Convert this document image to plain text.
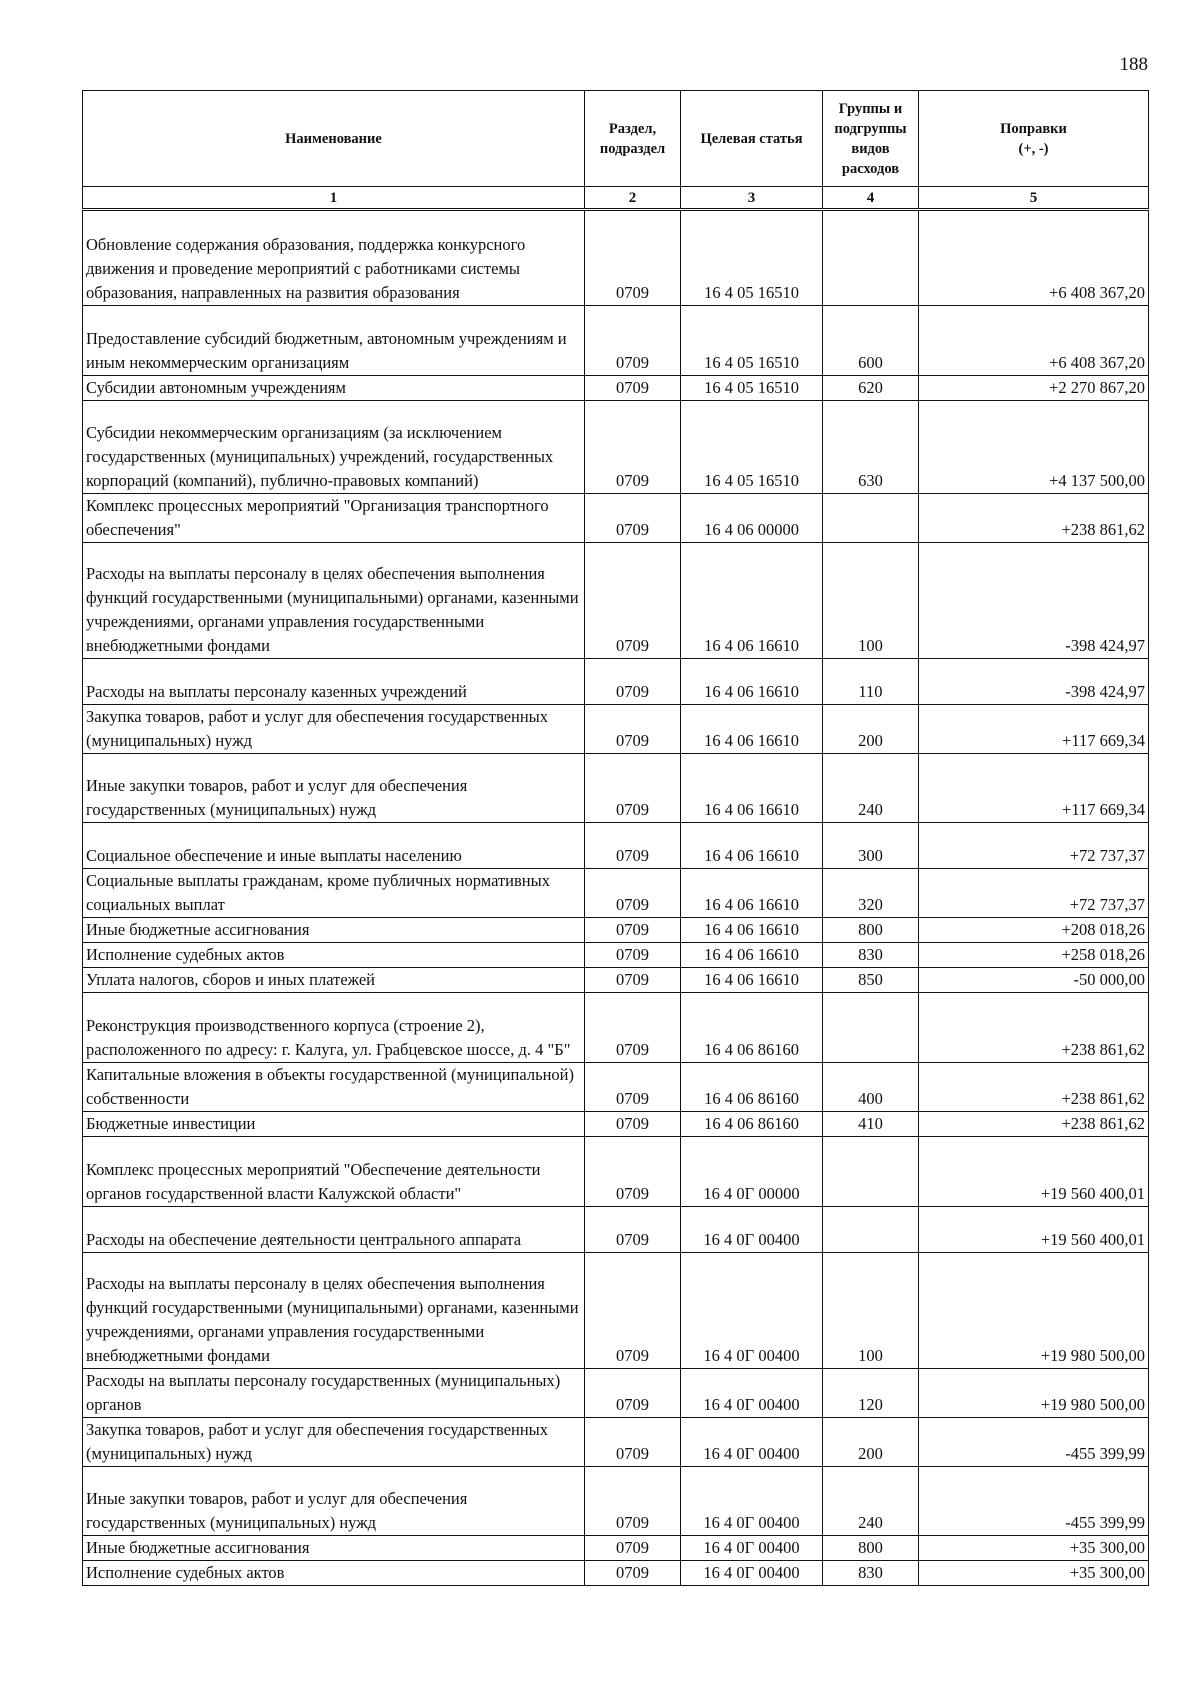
188
Наименование	Раздел, подраздел	Целевая статья	Группы и подгруппы видов расходов	Поправки
(+, -)

1	2	3	4	5
Обновление содержания образования, поддержка конкурсного движения и проведение мероприятий с работниками системы образования, направленных на развития образования	0709	16 4 05 16510		+6 408 367,20
Предоставление субсидий бюджетным, автономным учреждениям и иным некоммерческим организациям	0709	16 4 05 16510	600	+6 408 367,20
Субсидии автономным учреждениям	0709	16 4 05 16510	620	+2 270 867,20
Субсидии некоммерческим организациям (за исключением государственных (муниципальных) учреждений, государственных корпораций (компаний), публично-правовых компаний)	0709	16 4 05 16510	630	+4 137 500,00
Комплекс процессных мероприятий "Организация транспортного обеспечения"	0709	16 4 06 00000		+238 861,62
Расходы на выплаты персоналу в целях обеспечения выполнения функций государственными (муниципальными) органами, казенными учреждениями, органами управления государственными внебюджетными фондами	0709	16 4 06 16610	100	-398 424,97
Расходы на выплаты персоналу казенных учреждений	0709	16 4 06 16610	110	-398 424,97
Закупка товаров, работ и услуг для обеспечения государственных (муниципальных) нужд	0709	16 4 06 16610	200	+117 669,34
Иные закупки товаров, работ и услуг для обеспечения государственных (муниципальных) нужд	0709	16 4 06 16610	240	+117 669,34
Социальное обеспечение и иные выплаты населению	0709	16 4 06 16610	300	+72 737,37
Социальные выплаты гражданам, кроме публичных нормативных социальных выплат	0709	16 4 06 16610	320	+72 737,37
Иные бюджетные ассигнования	0709	16 4 06 16610	800	+208 018,26
Исполнение судебных актов	0709	16 4 06 16610	830	+258 018,26
Уплата налогов, сборов и иных платежей	0709	16 4 06 16610	850	-50 000,00
Реконструкция производственного корпуса (строение 2), расположенного по адресу: г. Калуга, ул. Грабцевское шоссе, д. 4 "Б"	0709	16 4 06 86160		+238 861,62
Капитальные вложения в объекты государственной (муниципальной) собственности	0709	16 4 06 86160	400	+238 861,62
Бюджетные инвестиции	0709	16 4 06 86160	410	+238 861,62
Комплекс процессных мероприятий "Обеспечение деятельности органов государственной власти Калужской области"	0709	16 4 0Г 00000		+19 560 400,01
Расходы на обеспечение деятельности центрального аппарата	0709	16 4 0Г 00400		+19 560 400,01
Расходы на выплаты персоналу в целях обеспечения выполнения функций государственными (муниципальными) органами, казенными учреждениями, органами управления государственными внебюджетными фондами	0709	16 4 0Г 00400	100	+19 980 500,00
Расходы на выплаты персоналу государственных (муниципальных) органов	0709	16 4 0Г 00400	120	+19 980 500,00
Закупка товаров, работ и услуг для обеспечения государственных (муниципальных) нужд	0709	16 4 0Г 00400	200	-455 399,99
Иные закупки товаров, работ и услуг для обеспечения государственных (муниципальных) нужд	0709	16 4 0Г 00400	240	-455 399,99
Иные бюджетные ассигнования	0709	16 4 0Г 00400	800	+35 300,00
Исполнение судебных актов	0709	16 4 0Г 00400	830	+35 300,00
